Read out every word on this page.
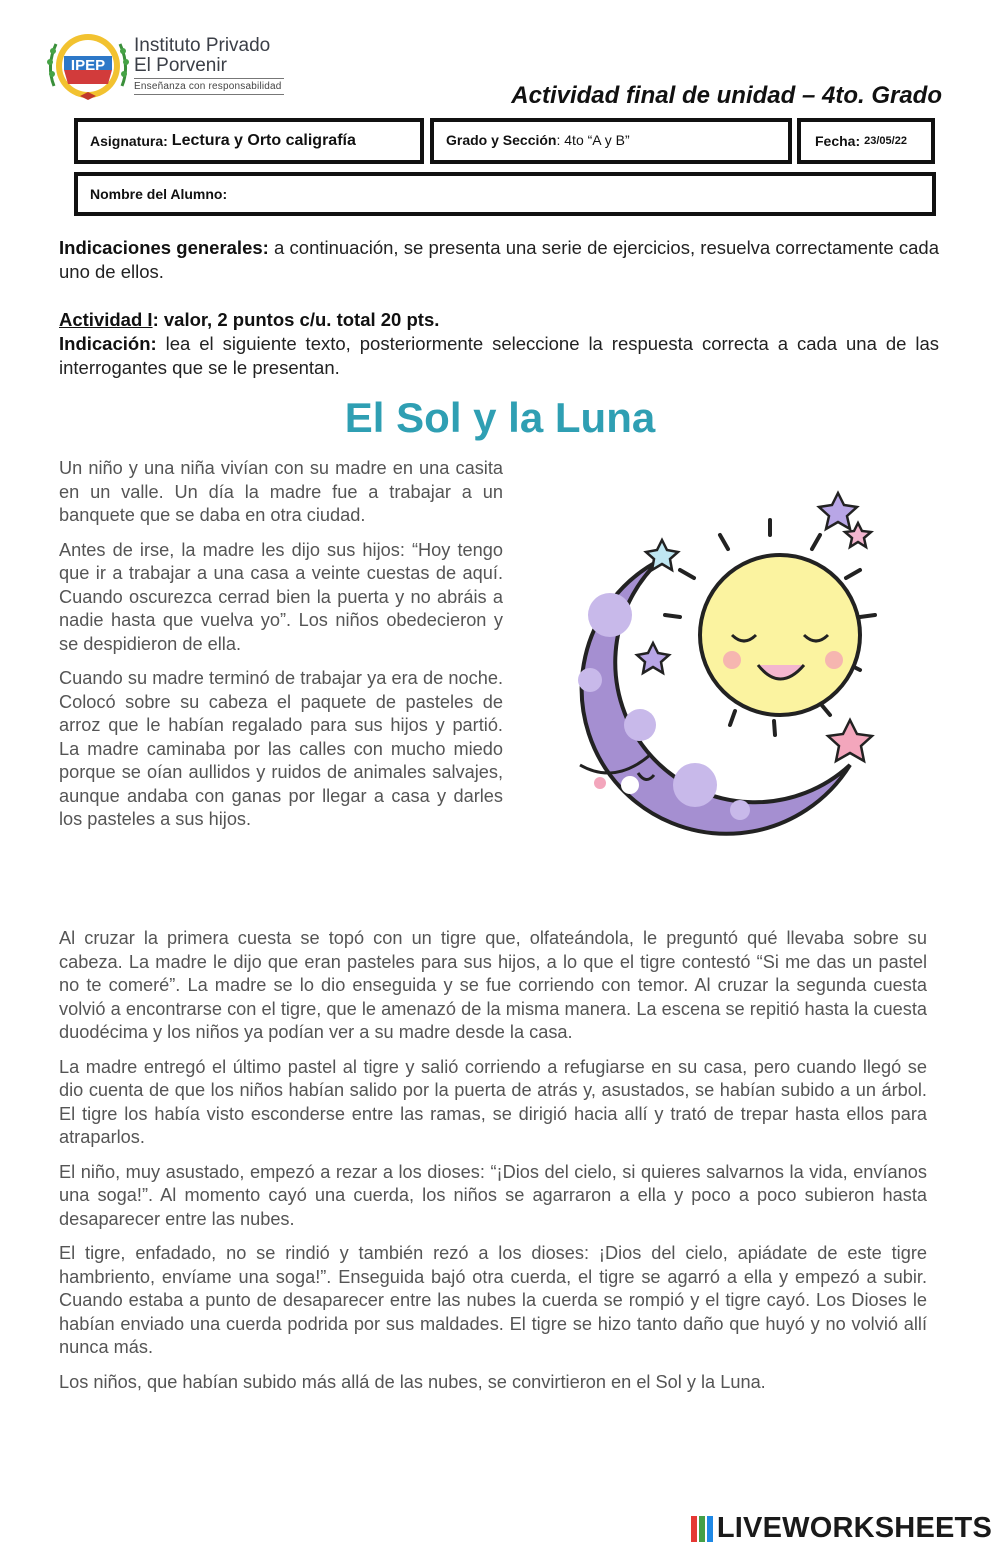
IPEP
Instituto Privado
El Porvenir
Enseñanza con responsabilidad	Actividad final de unidad – 4to. Grado
Asignatura: Lectura y Orto caligrafía	Grado y Sección : 4to “A y B”	Fecha: 23/05/22
Nombre del Alumno:
Indicaciones generales: a continuación, se presenta una serie de ejercicios, resuelva correctamente cada uno de ellos.
Actividad I: valor, 2 puntos c/u. total 20 pts.
Indicación: lea el siguiente texto, posteriormente seleccione la respuesta correcta a cada una de las interrogantes que se le presentan.
El Sol y la Luna

Un niño y una niña vivían con su madre en una casita en un valle. Un día la madre fue a trabajar a un banquete que se daba en otra ciudad.

Antes de irse, la madre les dijo sus hijos: “Hoy tengo que ir a trabajar a una casa a veinte cuestas de aquí. Cuando oscurezca cerrad bien la puerta y no abráis a nadie hasta que vuelva yo”. Los niños obedecieron y se despidieron de ella.

Cuando su madre terminó de trabajar ya era de noche. Colocó sobre su cabeza el paquete de pasteles de arroz que le habían regalado para sus hijos y partió. La madre caminaba por las calles con mucho miedo porque se oían aullidos y ruidos de animales salvajes, aunque andaba con ganas por llegar a casa y darles los pasteles a sus hijos.

Al cruzar la primera cuesta se topó con un tigre que, olfateándola, le preguntó qué llevaba sobre su cabeza. La madre le dijo que eran pasteles para sus hijos, a lo que el tigre contestó “Si me das un pastel no te comeré”. La madre se lo dio enseguida y se fue corriendo con temor. Al cruzar la segunda cuesta volvió a encontrarse con el tigre, que le amenazó de la misma manera. La escena se repitió hasta la cuesta duodécima y los niños ya podían ver a su madre desde la casa.

La madre entregó el último pastel al tigre y salió corriendo a refugiarse en su casa, pero cuando llegó se dio cuenta de que los niños habían salido por la puerta de atrás y, asustados, se habían subido a un árbol. El tigre los había visto esconderse entre las ramas, se dirigió hacia allí y trató de trepar hasta ellos para atraparlos.

El niño, muy asustado, empezó a rezar a los dioses: “¡Dios del cielo, si quieres salvarnos la vida, envíanos una soga!”. Al momento cayó una cuerda, los niños se agarraron a ella y poco a poco subieron hasta desaparecer entre las nubes.

El tigre, enfadado, no se rindió y también rezó a los dioses: ¡Dios del cielo, apiádate de este tigre hambriento, envíame una soga!”. Enseguida bajó otra cuerda, el tigre se agarró a ella y empezó a subir. Cuando estaba a punto de desaparecer entre las nubes la cuerda se rompió y el tigre cayó. Los Dioses le habían enviado una cuerda podrida por sus maldades. El tigre se hizo tanto daño que huyó y no volvió allí nunca más.

Los niños, que habían subido más allá de las nubes, se convirtieron en el Sol y la Luna.

LIVEWORKSHEETS
